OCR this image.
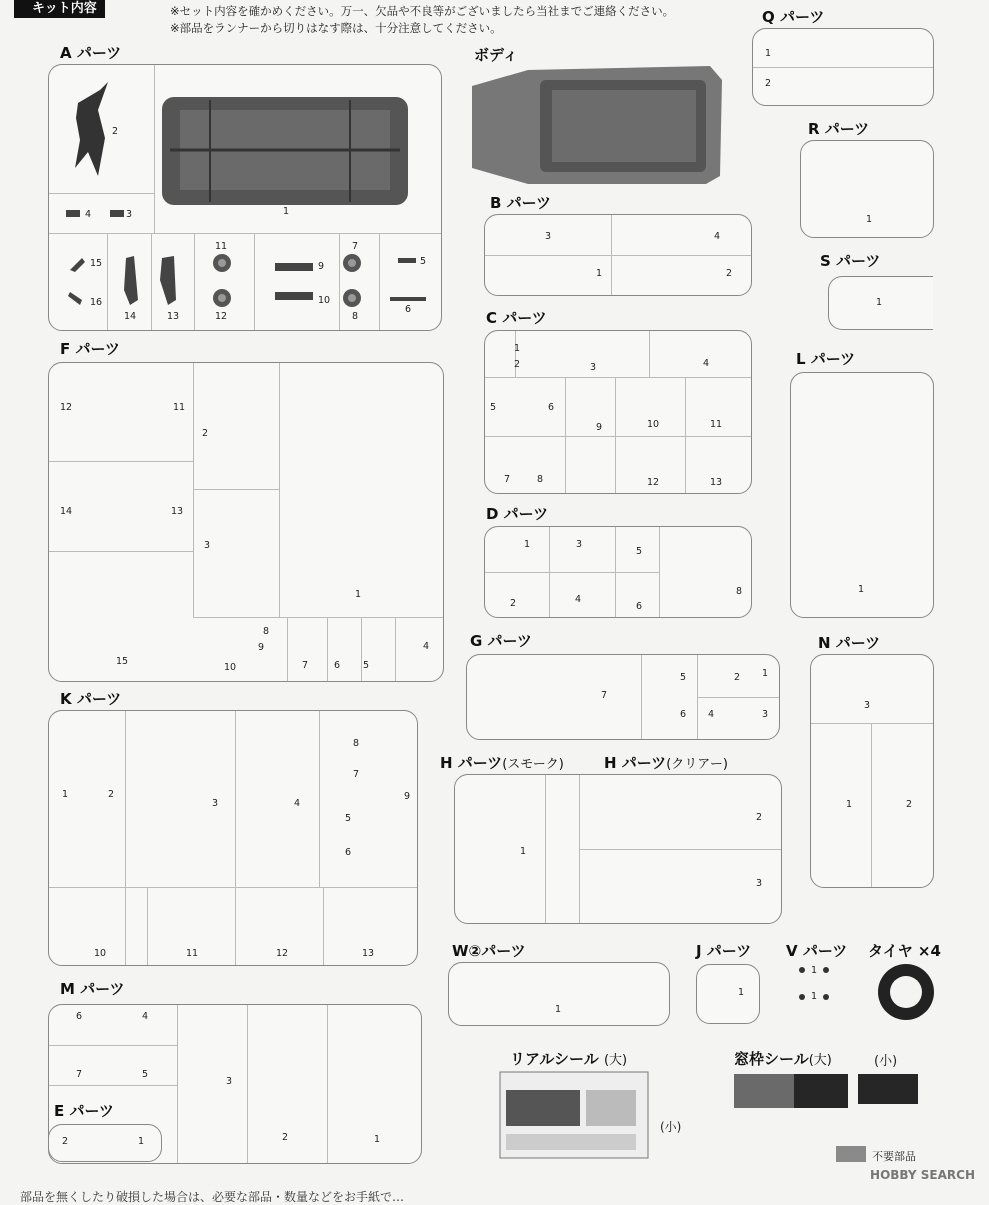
キット内容	※セット内容を確かめください。万一、欠品や不良等がございましたら当社までご連絡ください。
※部品をランナーから切りはなす際は、十分注意してください。
A パーツ
2
1
4	3
15
16
14	13
11
12
9
10
7
8
5
6
ボディ
Q パーツ
1
2
R パーツ
1
B パーツ
3	4
1	2
S パーツ
1
C パーツ
1
2	3	4
5	6
9	10	11
7	8	12	13
L パーツ
1
F パーツ
12	11
2
14	13
3
1
15
8
9
10	7	6 5
4
D パーツ
1	3
5
2	4
6
8
G パーツ
7
5	2 1
4
6	3
N パーツ
3
1	2
K パーツ
1	2
3	4
8
7
5
6
9
10	11	12	13
H パーツ(スモーク)	H パーツ(クリアー)
1
2
3
W②パーツ
1
J パーツ
1
V パーツ
1
1
タイヤ ×4
M パーツ
6	4
7	5
3
2	1
E パーツ
2	1
リアルシール (大)
(小)
窓枠シール(大)	(小)
不要部品
HOBBY SEARCH
部品を無くしたり破損した場合は、必要な部品・数量などをお手紙で…
